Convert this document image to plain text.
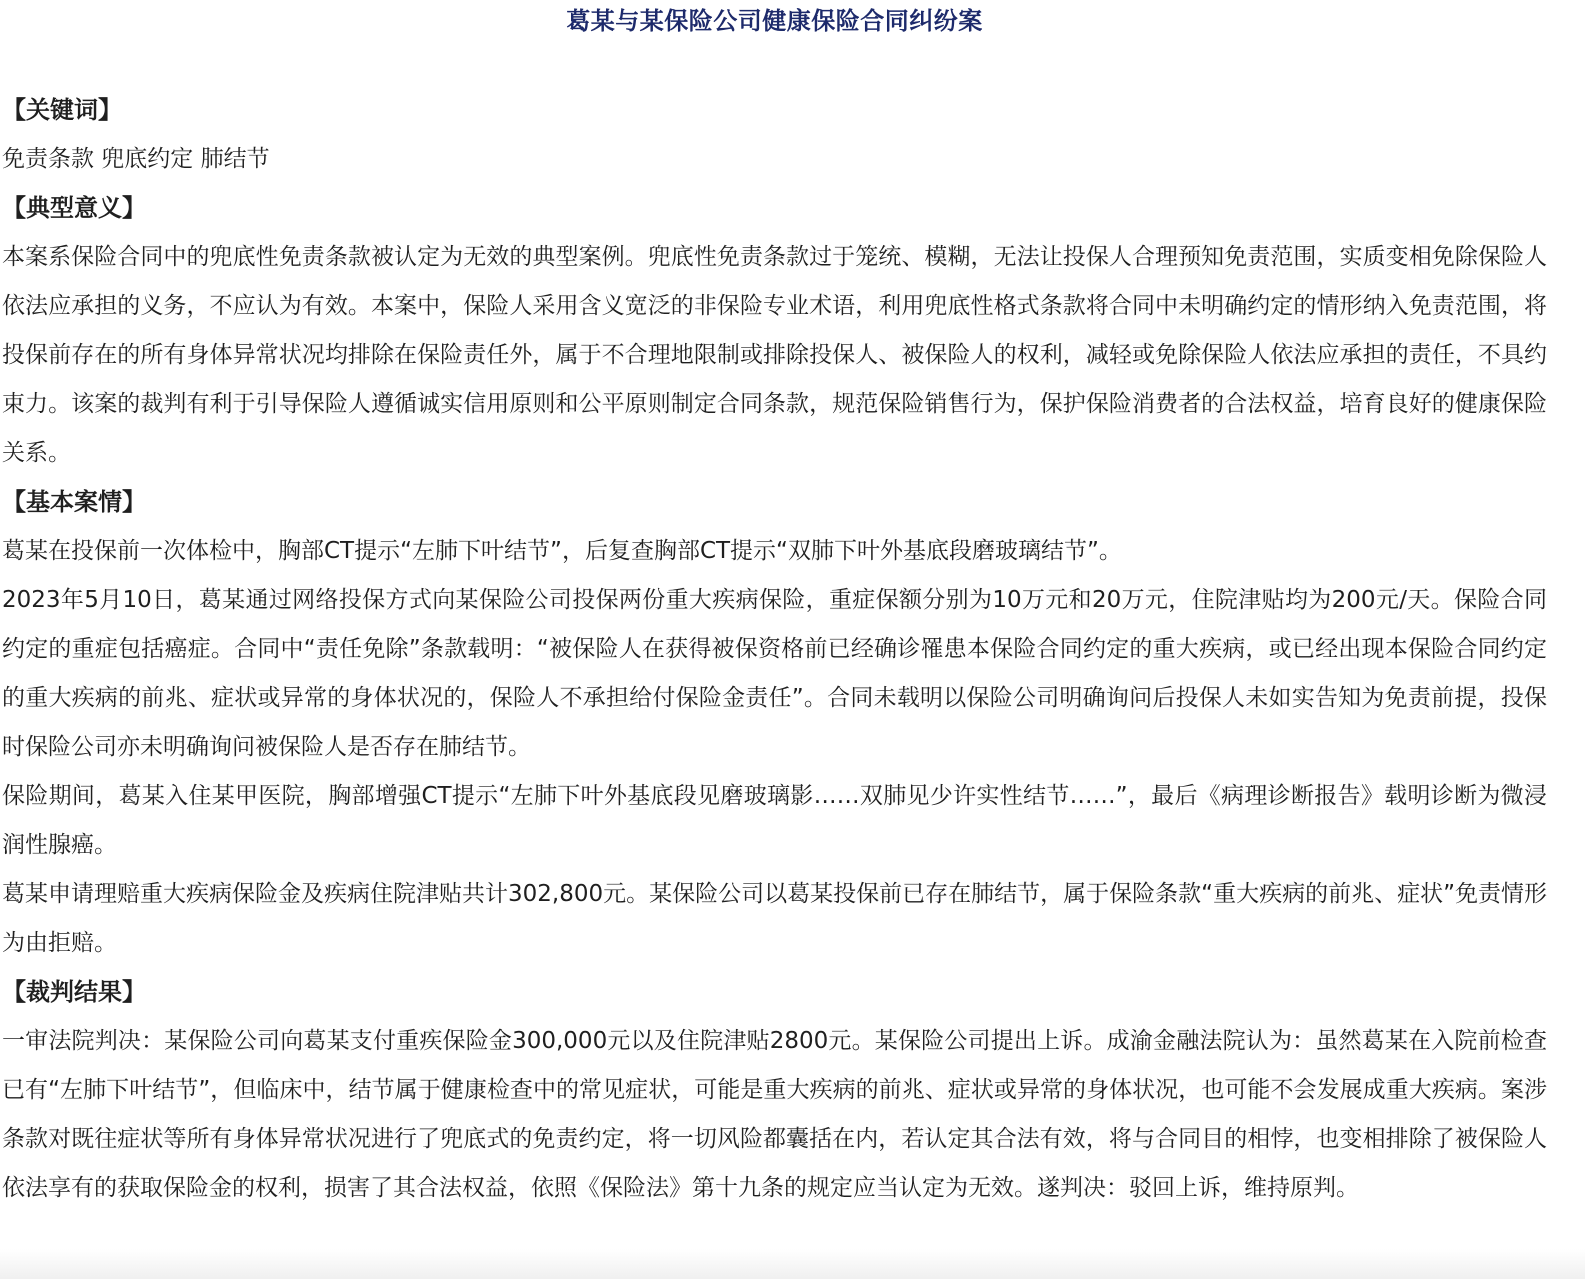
葛某与某保险公司健康保险合同纠纷案
【关键词】

免责条款 兜底约定 肺结节

【典型意义】

本案系保险合同中的兜底性免责条款被认定为无效的典型案例。兜底性免责条款过于笼统、模糊，无法让投保人合理预知免责范围，实质变相免除保险人依法应承担的义务，不应认为有效。本案中，保险人采用含义宽泛的非保险专业术语，利用兜底性格式条款将合同中未明确约定的情形纳入免责范围，将投保前存在的所有身体异常状况均排除在保险责任外，属于不合理地限制或排除投保人、被保险人的权利，减轻或免除保险人依法应承担的责任，不具约束力。该案的裁判有利于引导保险人遵循诚实信用原则和公平原则制定合同条款，规范保险销售行为，保护保险消费者的合法权益，培育良好的健康保险关系。

【基本案情】

葛某在投保前一次体检中，胸部CT提示“左肺下叶结节”，后复查胸部CT提示“双肺下叶外基底段磨玻璃结节”。

2023年5月10日，葛某通过网络投保方式向某保险公司投保两份重大疾病保险，重症保额分别为10万元和20万元，住院津贴均为200元/天。保险合同约定的重症包括癌症。合同中“责任免除”条款载明：“被保险人在获得被保资格前已经确诊罹患本保险合同约定的重大疾病，或已经出现本保险合同约定的重大疾病的前兆、症状或异常的身体状况的，保险人不承担给付保险金责任”。合同未载明以保险公司明确询问后投保人未如实告知为免责前提，投保时保险公司亦未明确询问被保险人是否存在肺结节。

保险期间，葛某入住某甲医院，胸部增强CT提示“左肺下叶外基底段见磨玻璃影……双肺见少许实性结节……”，最后《病理诊断报告》载明诊断为微浸润性腺癌。

葛某申请理赔重大疾病保险金及疾病住院津贴共计302,800元。某保险公司以葛某投保前已存在肺结节，属于保险条款“重大疾病的前兆、症状”免责情形为由拒赔。

【裁判结果】

一审法院判决：某保险公司向葛某支付重疾保险金300,000元以及住院津贴2800元。某保险公司提出上诉。成渝金融法院认为：虽然葛某在入院前检查已有“左肺下叶结节”，但临床中，结节属于健康检查中的常见症状，可能是重大疾病的前兆、症状或异常的身体状况，也可能不会发展成重大疾病。案涉条款对既往症状等所有身体异常状况进行了兜底式的免责约定，将一切风险都囊括在内，若认定其合法有效，将与合同目的相悖，也变相排除了被保险人依法享有的获取保险金的权利，损害了其合法权益，依照《保险法》第十九条的规定应当认定为无效。遂判决：驳回上诉，维持原判。
